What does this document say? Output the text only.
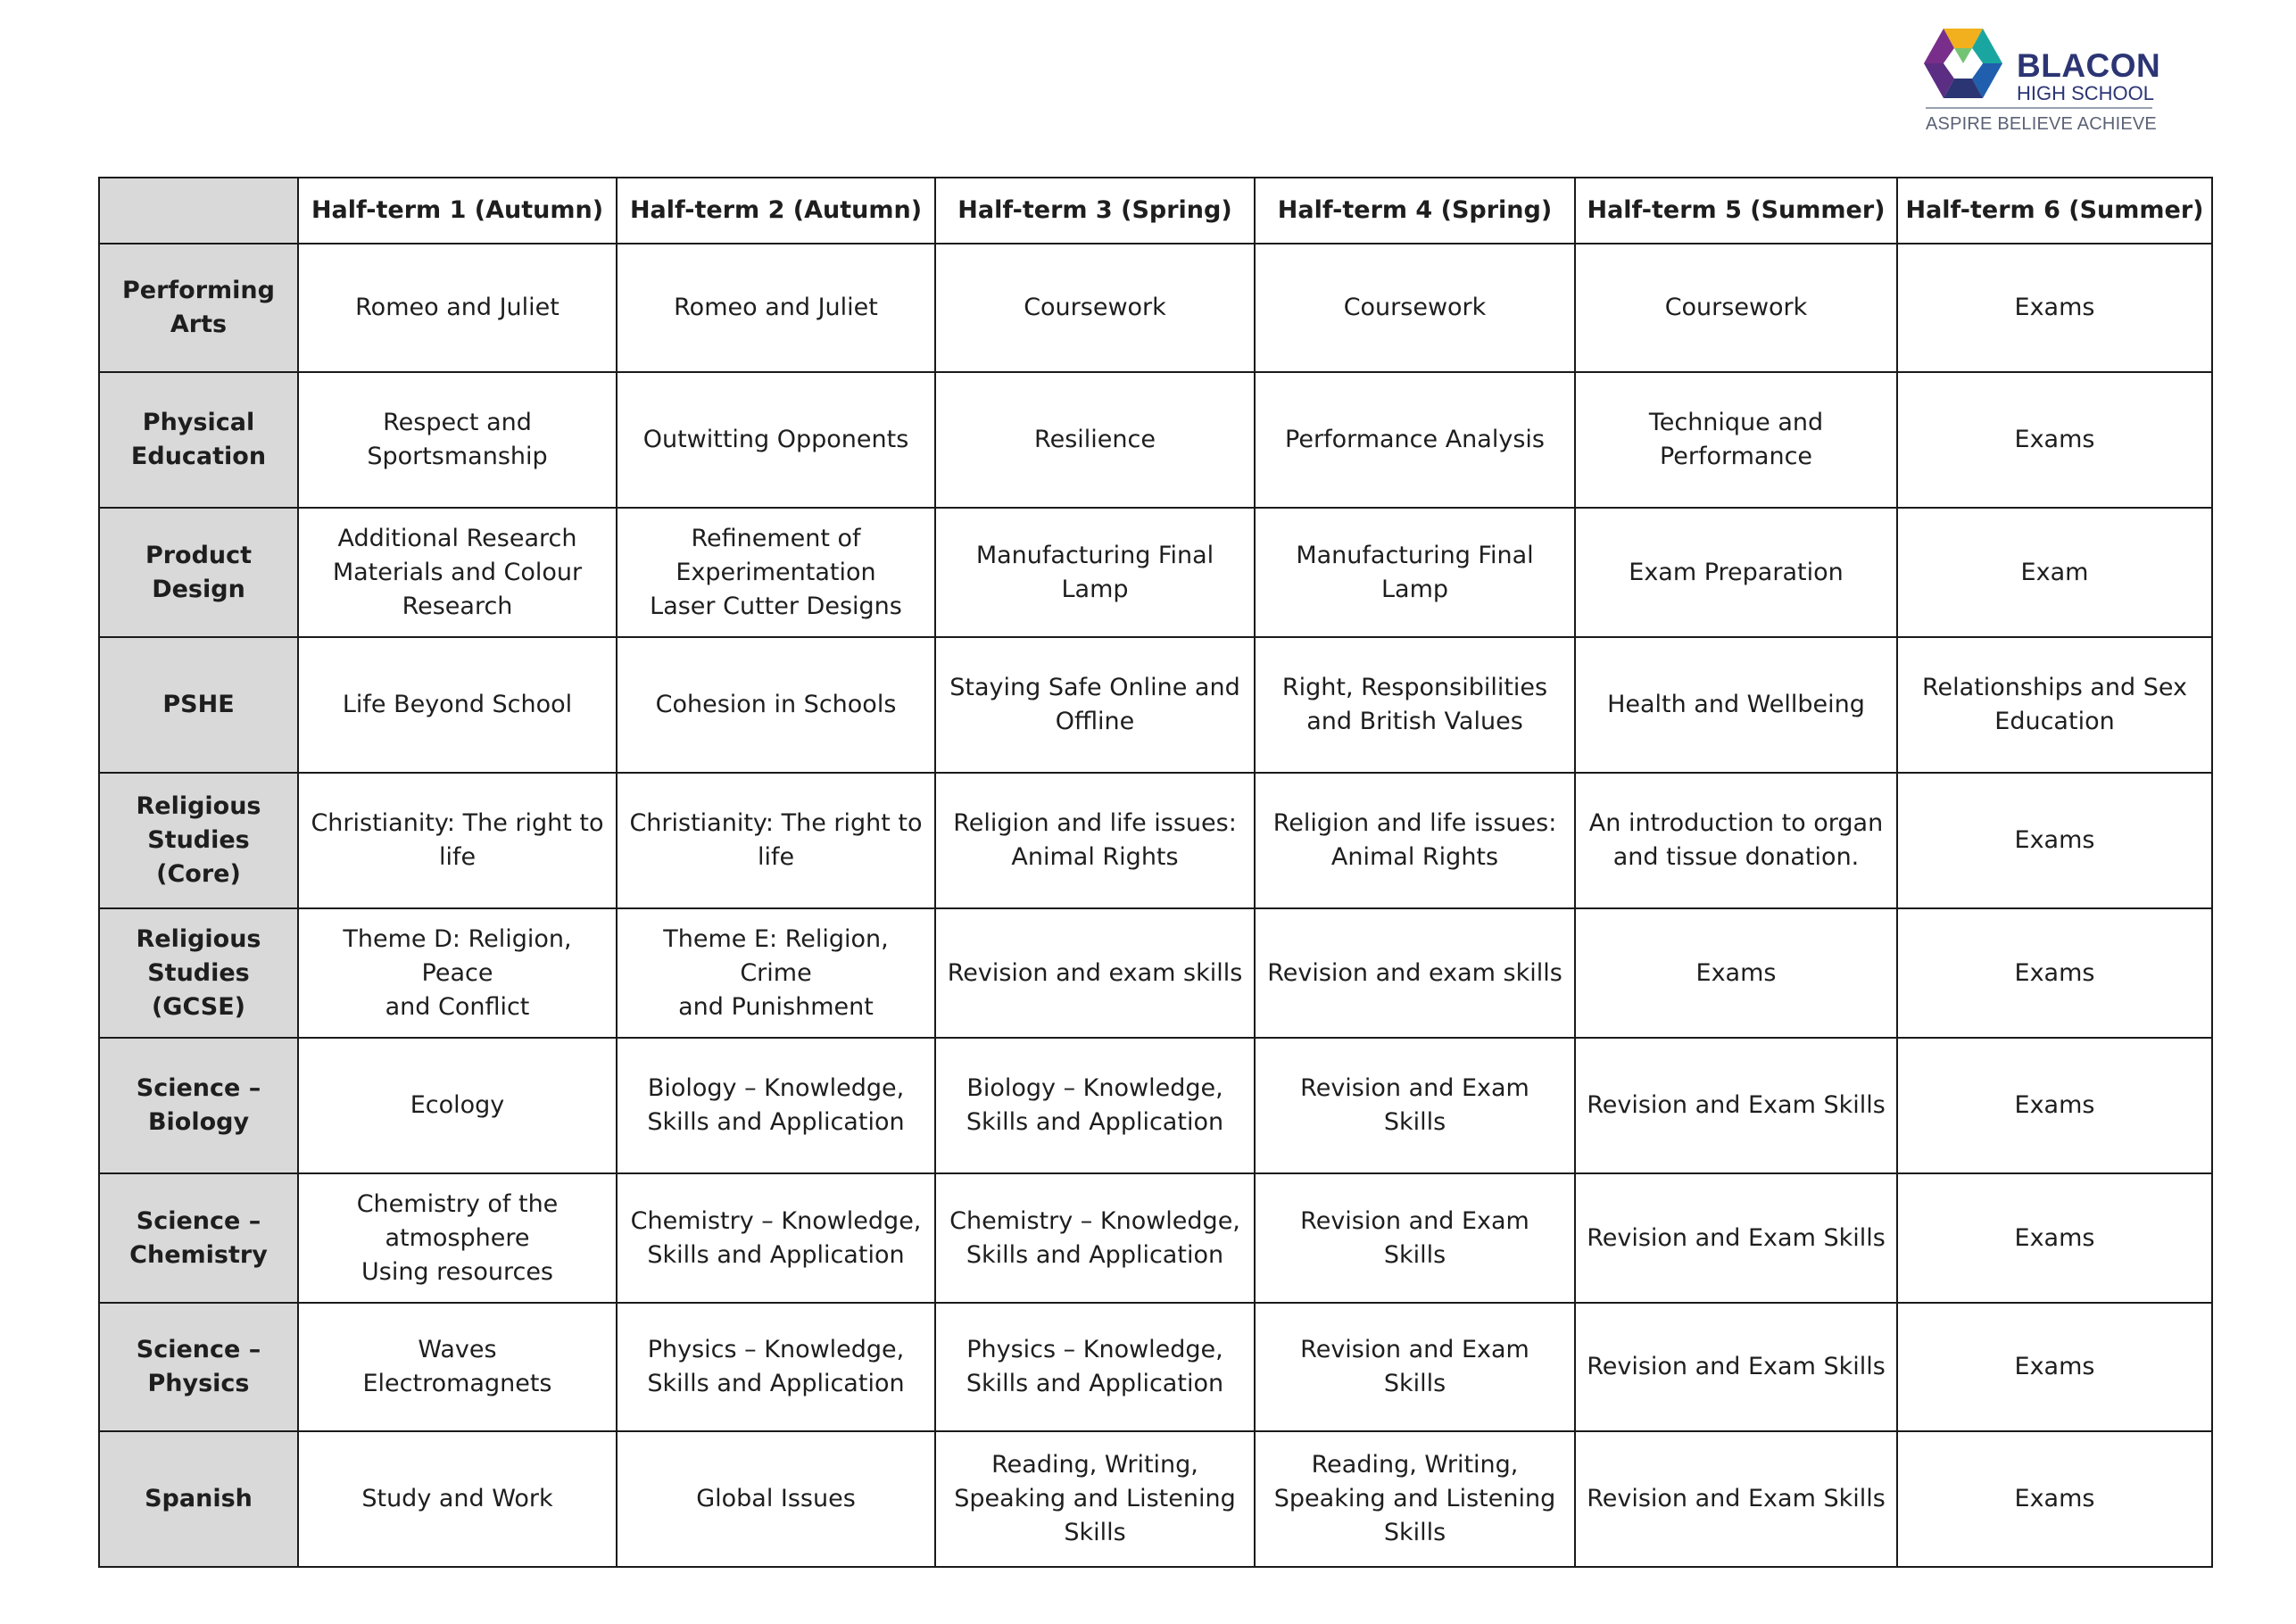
BLACON
HIGH SCHOOL
ASPIRE BELIEVE ACHIEVE
	Half-term 1 (Autumn)	Half-term 2 (Autumn)	Half-term 3 (Spring)	Half-term 4 (Spring)	Half-term 5 (Summer)	Half-term 6 (Summer)

Performing
Arts	Romeo and Juliet	Romeo and Juliet	Coursework	Coursework	Coursework	Exams

Physical
Education	Respect and
Sportsmanship	Outwitting Opponents	Resilience	Performance Analysis	Technique and
Performance	Exams

Product
Design	Additional Research
Materials and Colour
Research	Refinement of
Experimentation
Laser Cutter Designs	Manufacturing Final Lamp	Manufacturing Final Lamp	Exam Preparation	Exam

PSHE	Life Beyond School	Cohesion in Schools	Staying Safe Online and
Offline	Right, Responsibilities
and British Values	Health and Wellbeing	Relationships and Sex
Education

Religious
Studies (Core)	Christianity: The right to
life	Christianity: The right to
life	Religion and life issues:
Animal Rights	Religion and life issues:
Animal Rights	An introduction to organ
and tissue donation.	Exams

Religious
Studies
(GCSE)	Theme D: Religion, Peace
and Conflict	Theme E: Religion, Crime
and Punishment	Revision and exam skills	Revision and exam skills	Exams	Exams

Science –
Biology	Ecology	Biology – Knowledge,
Skills and Application	Biology – Knowledge,
Skills and Application	Revision and Exam Skills	Revision and Exam Skills	Exams

Science –
Chemistry	Chemistry of the
atmosphere
Using resources	Chemistry – Knowledge,
Skills and Application	Chemistry – Knowledge,
Skills and Application	Revision and Exam Skills	Revision and Exam Skills	Exams

Science –
Physics	Waves
Electromagnets	Physics – Knowledge,
Skills and Application	Physics – Knowledge,
Skills and Application	Revision and Exam Skills	Revision and Exam Skills	Exams

Spanish	Study and Work	Global Issues	Reading, Writing,
Speaking and Listening
Skills	Reading, Writing,
Speaking and Listening
Skills	Revision and Exam Skills	Exams
